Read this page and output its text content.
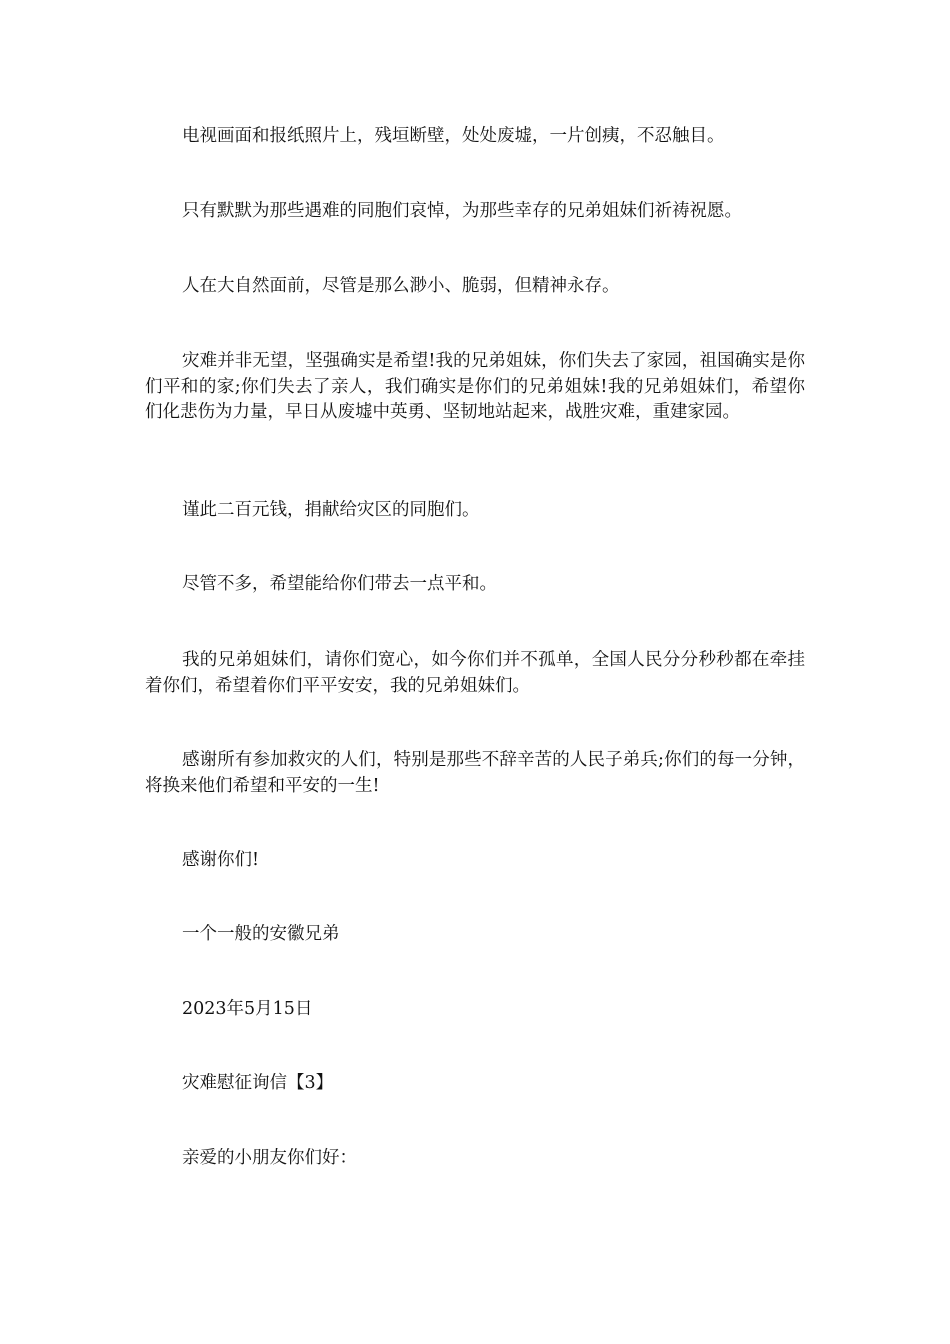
电视画面和报纸照片上，残垣断壁，处处废墟，一片创痍，不忍触目。

只有默默为那些遇难的同胞们哀悼，为那些幸存的兄弟姐妹们祈祷祝愿。

人在大自然面前，尽管是那么渺小、脆弱，但精神永存。

灾难并非无望，坚强确实是希望!我的兄弟姐妹，你们失去了家园，祖国确实是你们平和的家;你们失去了亲人，我们确实是你们的兄弟姐妹!我的兄弟姐妹们，希望你们化悲伤为力量，早日从废墟中英勇、坚韧地站起来，战胜灾难，重建家园。

谨此二百元钱，捐献给灾区的同胞们。

尽管不多，希望能给你们带去一点平和。

我的兄弟姐妹们，请你们宽心，如今你们并不孤单，全国人民分分秒秒都在牵挂着你们，希望着你们平平安安，我的兄弟姐妹们。

感谢所有参加救灾的人们，特别是那些不辞辛苦的人民子弟兵;你们的每一分钟，将换来他们希望和平安的一生!

感谢你们!

一个一般的安徽兄弟

2023年5月15日

灾难慰征询信【3】

亲爱的小朋友你们好：
